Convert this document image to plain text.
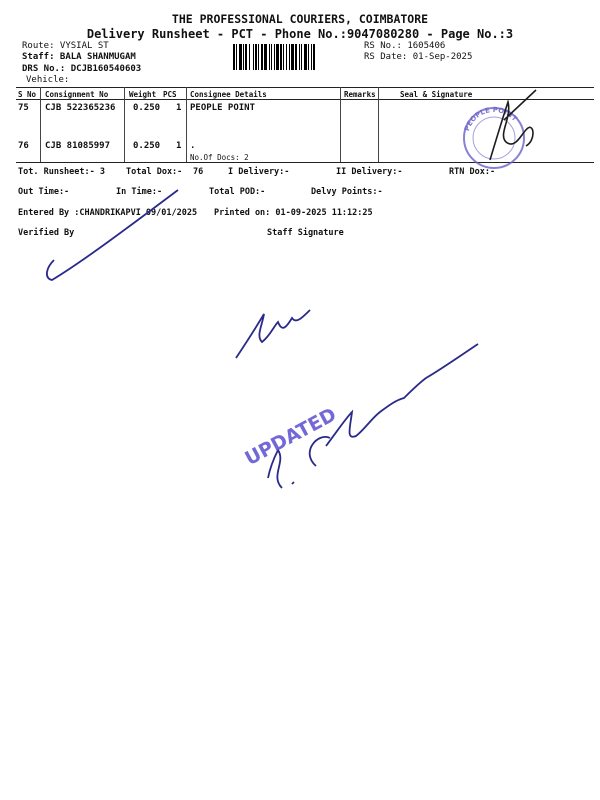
THE PROFESSIONAL COURIERS, COIMBATORE
Delivery Runsheet - PCT - Phone No.:9047080280 - Page No.:3
Route: VYSIAL ST
Staff: BALA SHANMUGAM
DRS No.: DCJB160540603
Vehicle:
RS No.: 1605406
RS Date: 01-Sep-2025
S No Consignment No	Weight PCS Consignee Details	Remarks	Seal & Signature
75 CJB 522365236 0.250 1 PEOPLE POINT
76 CJB 81085997	0.250 1 .
No.Of Docs: 2
Tot. Runsheet:- 3 Total Dox:- 76	I Delivery:-	II Delivery:-	RTN Dox:-
Out Time:-	In Time:-	Total POD:-	Delvy Points:-
Entered By :CHANDRIKAPVI 09/01/2025 Printed on: 01-09-2025 11:12:25
Verified By	Staff Signature
PEOPLE POINT
UPDATED
